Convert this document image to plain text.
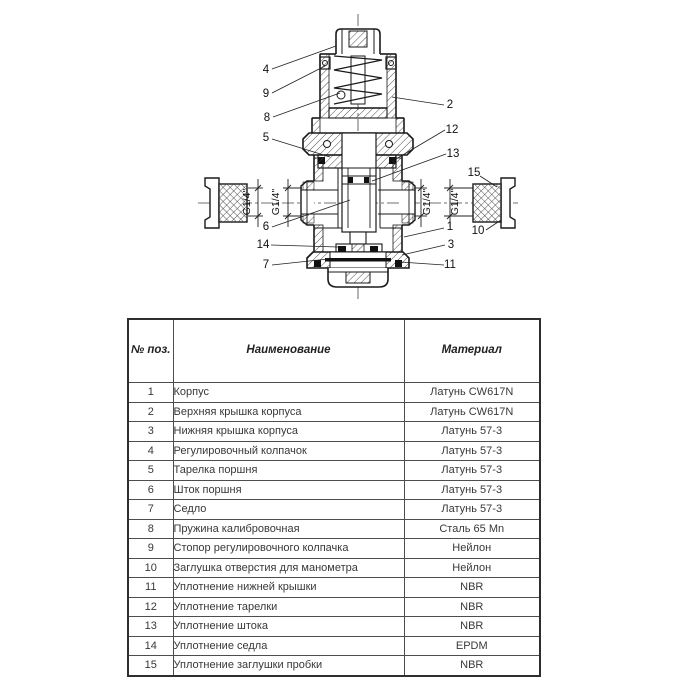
G1/4" G1/4"	G1/4" G1/4"
4
9
8
5
6
14
7
2
12
13
15
1 10
3
11
№ поз.	Наименование	Материал
1	Корпус	Латунь CW617N
2	Верхняя крышка корпуса	Латунь CW617N
3	Нижняя крышка корпуса	Латунь 57-3
4	Регулировочный колпачок	Латунь 57-3
5	Тарелка поршня	Латунь 57-3
6	Шток поршня	Латунь 57-3
7	Седло	Латунь 57-3
8	Пружина калибровочная	Сталь 65 Mn
9	Стопор регулировочного колпачка	Нейлон
10	Заглушка отверстия для манометра	Нейлон
11	Уплотнение нижней крышки	NBR
12	Уплотнение тарелки	NBR
13	Уплотнение штока	NBR
14	Уплотнение седла	EPDM
15	Уплотнение заглушки пробки	NBR
